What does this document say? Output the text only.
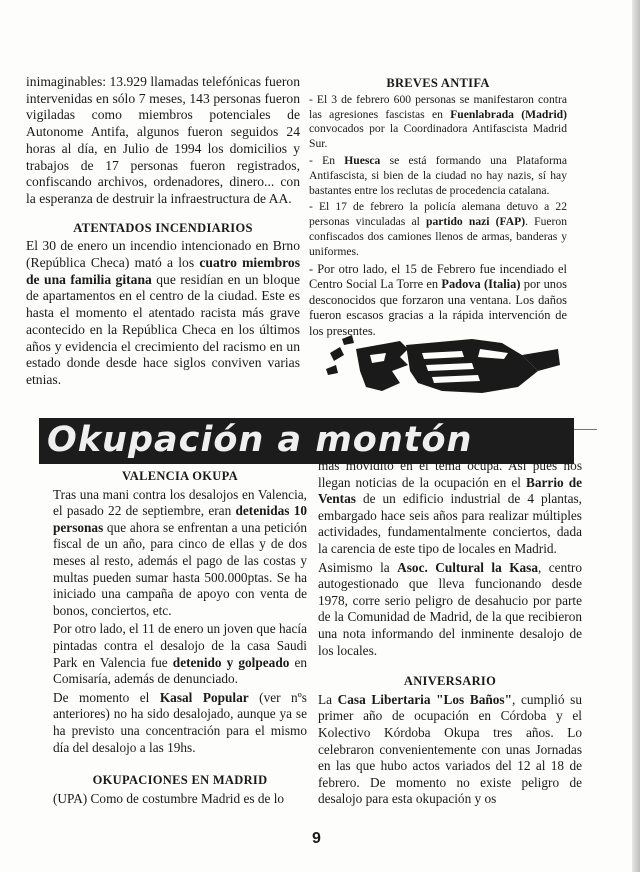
inimaginables: 13.929 llamadas telefónicas fueron intervenidas en sólo 7 meses, 143 personas fueron vigiladas como miembros potenciales de Autonome Antifa, algunos fueron seguidos 24 horas al día, en Julio de 1994 los domicilios y trabajos de 17 personas fueron registrados, confiscando archivos, ordenadores, dinero... con la esperanza de destruir la infraestructura de AA.

ATENTADOS INCENDIARIOS

El 30 de enero un incendio intencionado en Brno (República Checa) mató a los cuatro miembros de una familia gitana que residían en un bloque de apartamentos en el centro de la ciudad. Este es hasta el momento el atentado racista más grave acontecido en la República Checa en los últimos años y evidencia el crecimiento del racismo en un estado donde desde hace siglos conviven varias etnias.

BREVES ANTIFA

- El 3 de febrero 600 personas se manifestaron contra las agresiones fascistas en Fuenlabrada (Madrid) convocados por la Coordinadora Antifascista Madrid Sur.

- En Huesca se está formando una Plataforma Antifascista, si bien de la ciudad no hay nazis, sí hay bastantes entre los reclutas de procedencia catalana.

- El 17 de febrero la policía alemana detuvo a 22 personas vinculadas al partido nazi (FAP). Fueron confiscados dos camiones llenos de armas, banderas y uniformes.

- Por otro lado, el 15 de Febrero fue incendiado el Centro Social La Torre en Padova (Italia) por unos desconocidos que forzaron una ventana. Los daños fueron escasos gracias a la rápida intervención de los presentes.

Okupación a montón
VALENCIA OKUPA

Tras una mani contra los desalojos en Valencia, el pasado 22 de septiembre, eran detenidas 10 personas que ahora se enfrentan a una petición fiscal de un año, para cinco de ellas y de dos meses al resto, además el pago de las costas y multas pueden sumar hasta 500.000ptas. Se ha iniciado una campaña de apoyo con venta de bonos, conciertos, etc.

Por otro lado, el 11 de enero un joven que hacía pintadas contra el desalojo de la casa Saudi Park en Valencia fue detenido y golpeado en Comisaría, además de denunciado.

De momento el Kasal Popular (ver nºs anteriores) no ha sido desalojado, aunque ya se ha previsto una concentración para el mismo día del desalojo a las 19hs.

OKUPACIONES EN MADRID

(UPA) Como de costumbre Madrid es de lo

más movidito en el tema ocupa. Así pues nos llegan noticias de la ocupación en el Barrio de Ventas de un edificio industrial de 4 plantas, embargado hace seis años para realizar múltiples actividades, fundamentalmente conciertos, dada la carencia de este tipo de locales en Madrid.

Asimismo la Asoc. Cultural la Kasa, centro autogestionado que lleva funcionando desde 1978, corre serio peligro de desahucio por parte de la Comunidad de Madrid, de la que recibieron una nota informando del inminente desalojo de los locales.

ANIVERSARIO

La Casa Libertaria "Los Baños", cumplió su primer año de ocupación en Córdoba y el Kolectivo Kórdoba Okupa tres años. Lo celebraron convenientemente con unas Jornadas en las que hubo actos variados del 12 al 18 de febrero. De momento no existe peligro de desalojo para esta okupación y os

9
